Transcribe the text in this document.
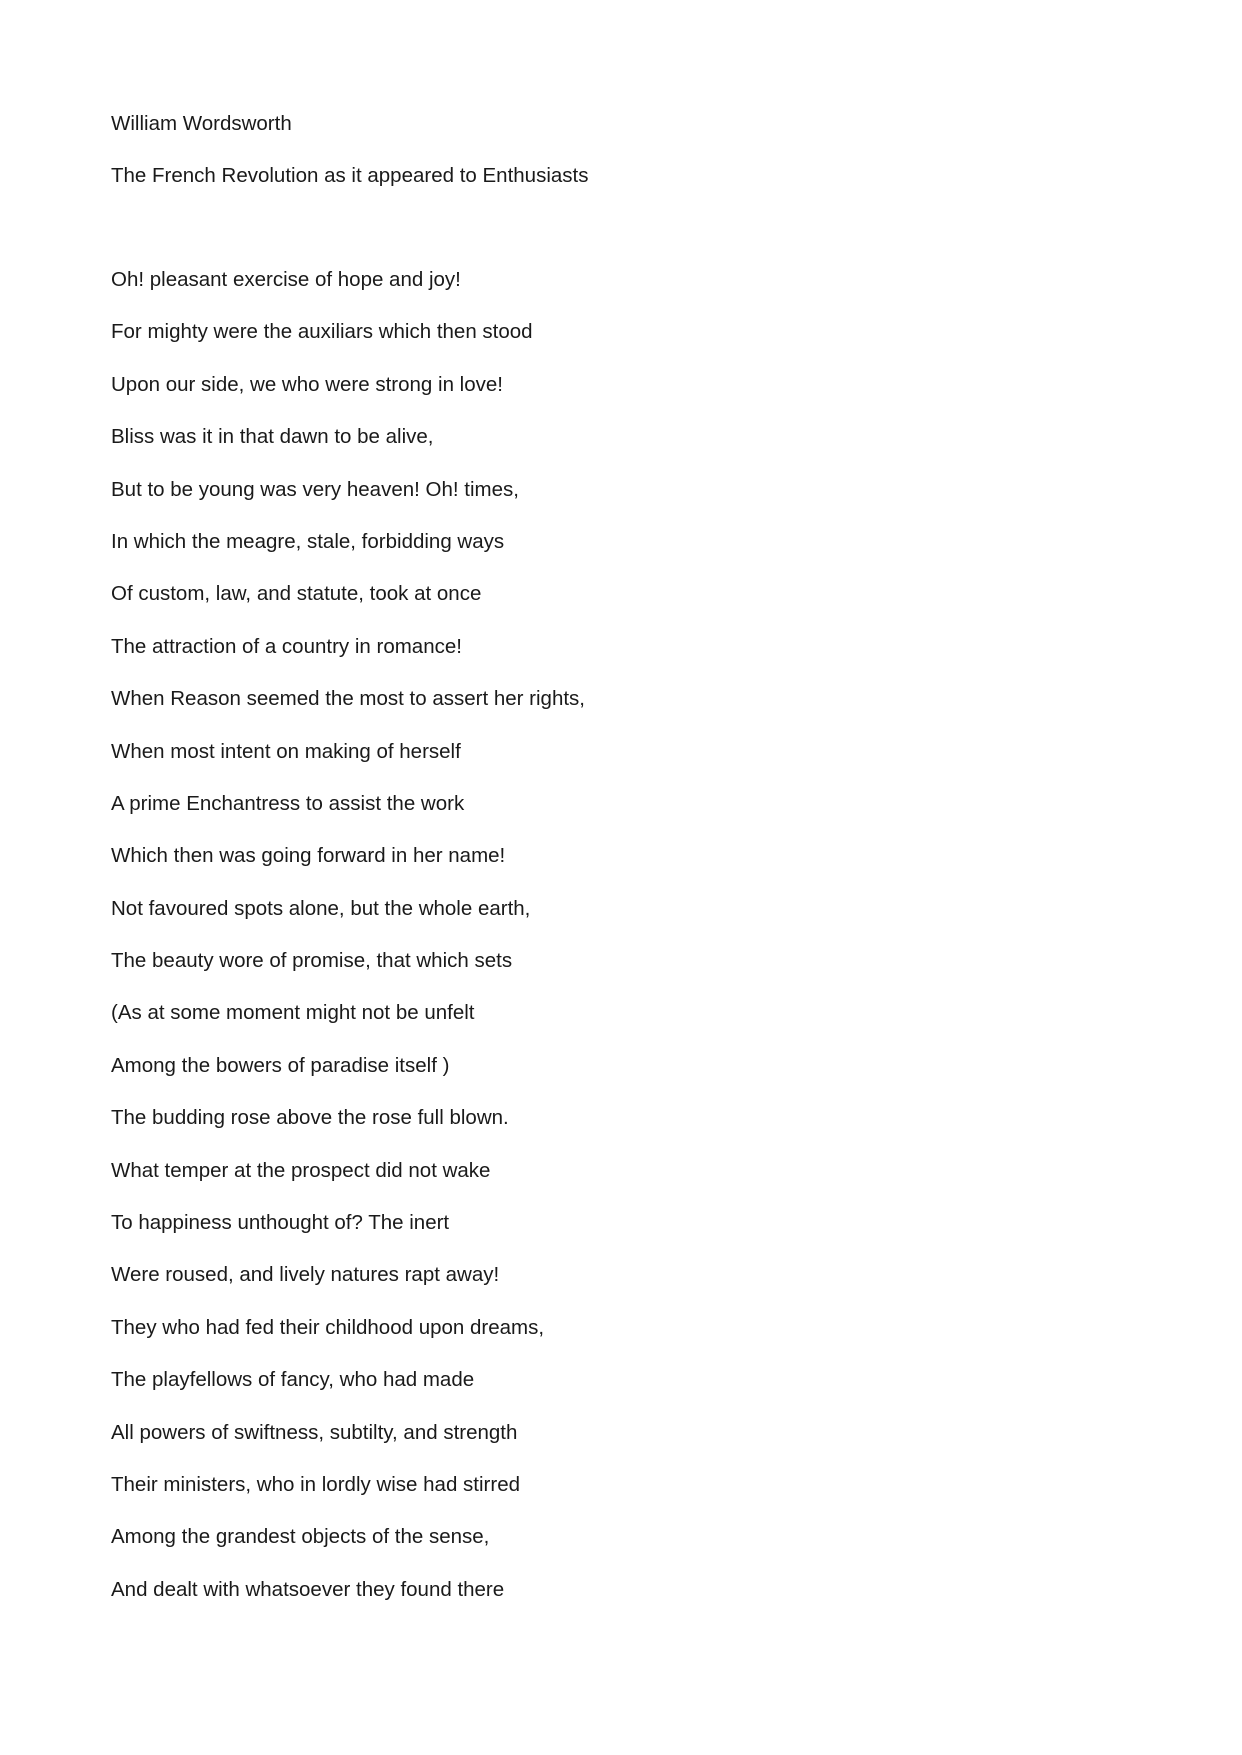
William Wordsworth

The French Revolution as it appeared to Enthusiasts

Oh! pleasant exercise of hope and joy!

For mighty were the auxiliars which then stood

Upon our side, we who were strong in love!

Bliss was it in that dawn to be alive,

But to be young was very heaven! Oh! times,

In which the meagre, stale, forbidding ways

Of custom, law, and statute, took at once

The attraction of a country in romance!

When Reason seemed the most to assert her rights,

When most intent on making of herself

A prime Enchantress to assist the work

Which then was going forward in her name!

Not favoured spots alone, but the whole earth,

The beauty wore of promise, that which sets

(As at some moment might not be unfelt

Among the bowers of paradise itself )

The budding rose above the rose full blown.

What temper at the prospect did not wake

To happiness unthought of? The inert

Were roused, and lively natures rapt away!

They who had fed their childhood upon dreams,

The playfellows of fancy, who had made

All powers of swiftness, subtilty, and strength

Their ministers, who in lordly wise had stirred

Among the grandest objects of the sense,

And dealt with whatsoever they found there
